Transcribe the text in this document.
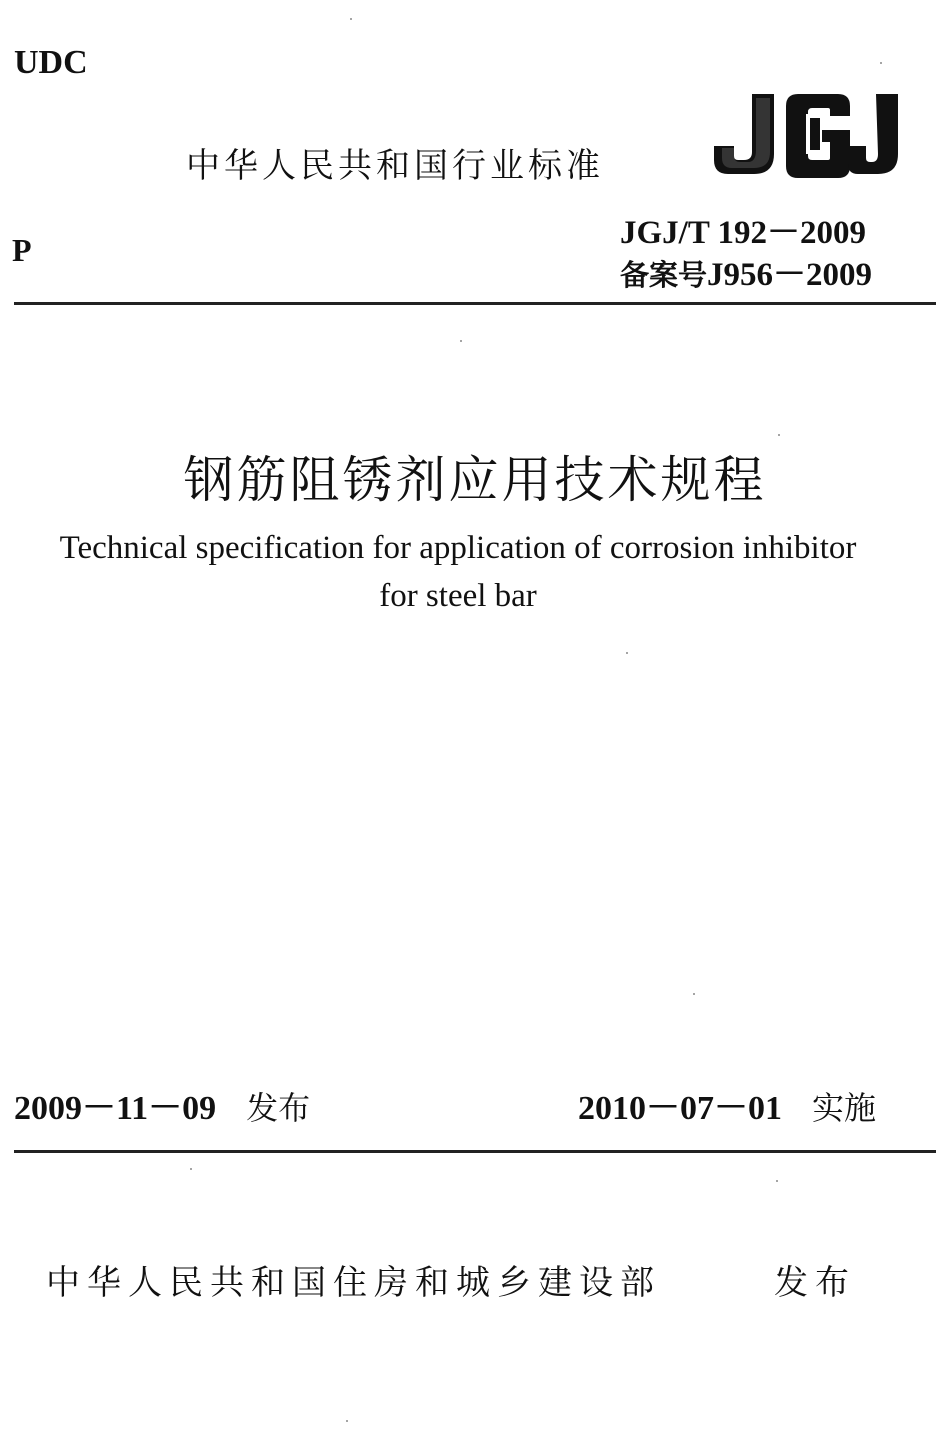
UDC
中华人民共和国行业标准
P	JGJ/T 192－2009
备案号J956－2009
钢筋阻锈剂应用技术规程
Technical specification for application of corrosion inhibitor
for steel bar
2009－11－09 发布	2010－07－01 实施
中华人民共和国住房和城乡建设部	发布
